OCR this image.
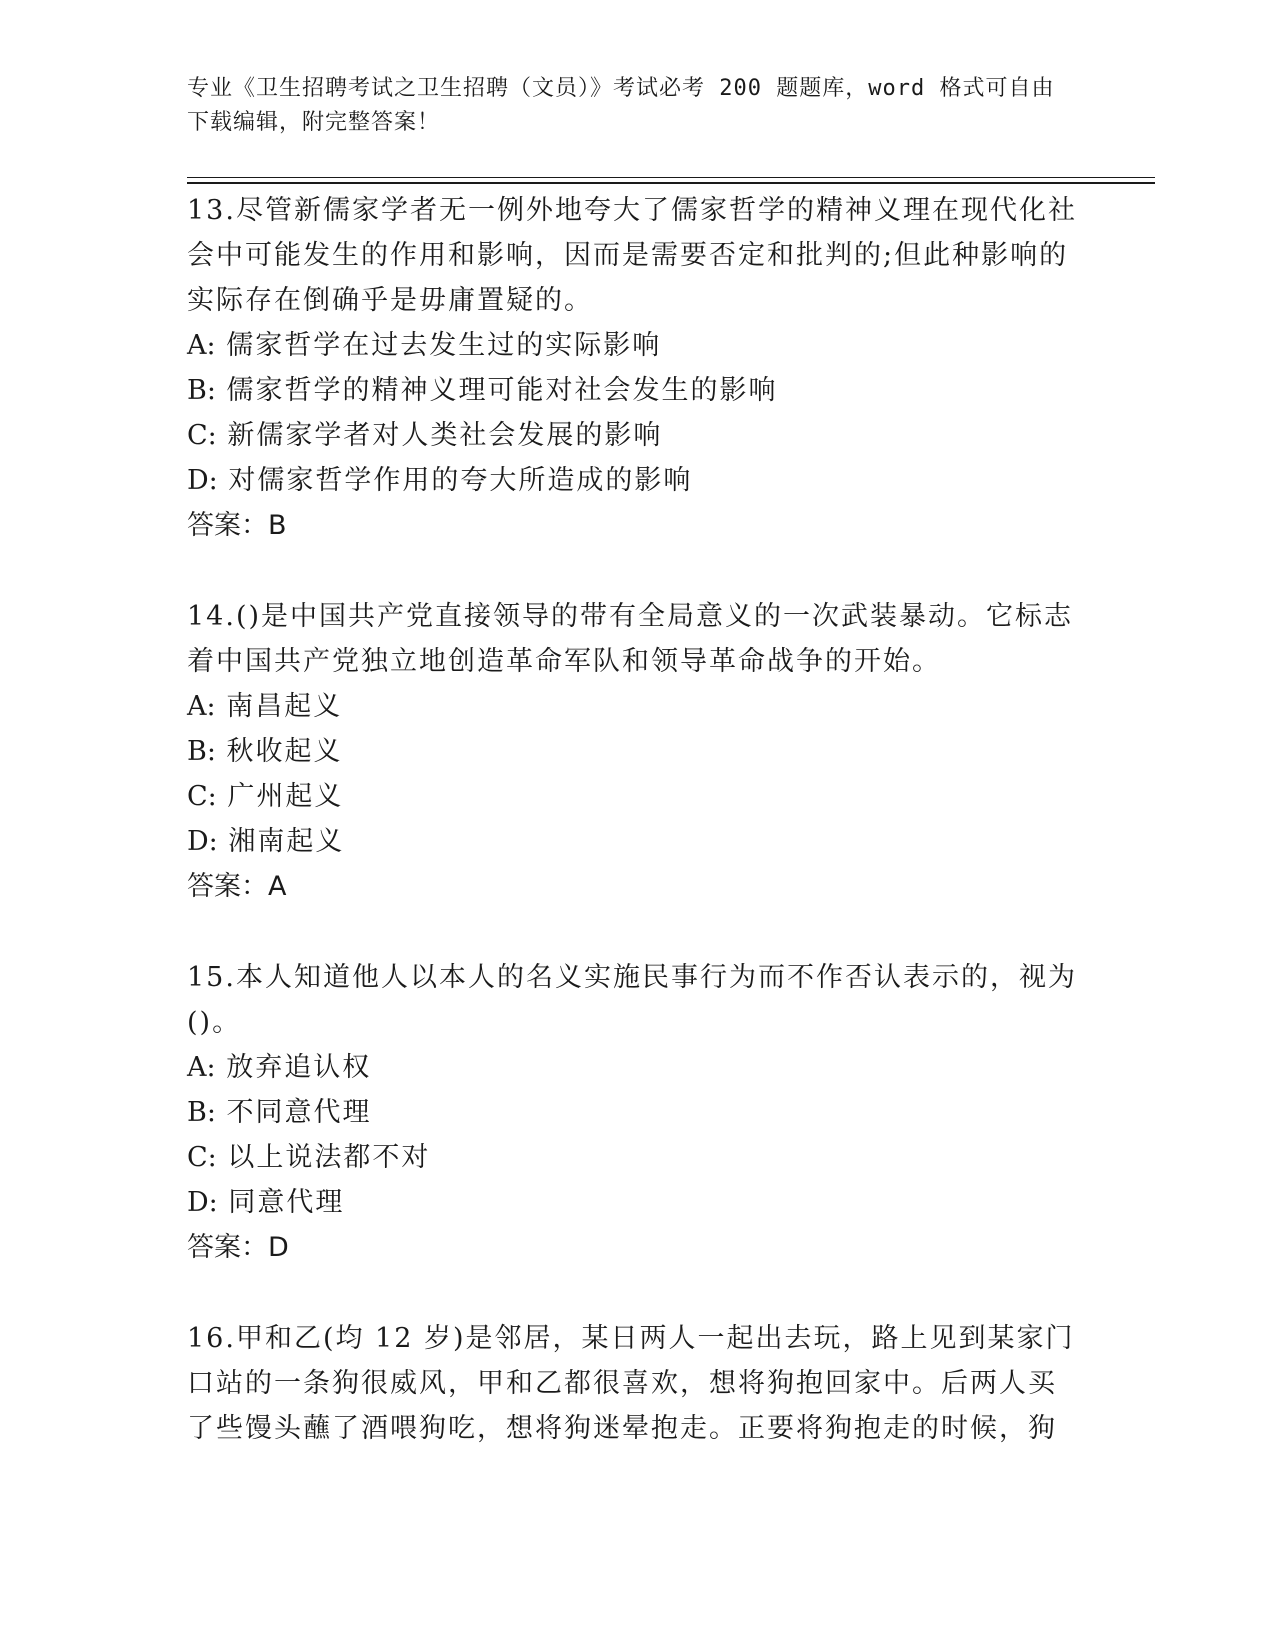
专业《卫生招聘考试之卫生招聘（文员）》考试必考 200 题题库，word 格式可自由下载编辑，附完整答案！

13.尽管新儒家学者无一例外地夸大了儒家哲学的精神义理在现代化社会中可能发生的作用和影响，因而是需要否定和批判的;但此种影响的实际存在倒确乎是毋庸置疑的。

A: 儒家哲学在过去发生过的实际影响

B: 儒家哲学的精神义理可能对社会发生的影响

C: 新儒家学者对人类社会发展的影响

D: 对儒家哲学作用的夸大所造成的影响

答案：B

14.()是中国共产党直接领导的带有全局意义的一次武装暴动。它标志着中国共产党独立地创造革命军队和领导革命战争的开始。

A: 南昌起义

B: 秋收起义

C: 广州起义

D: 湘南起义

答案：A

15.本人知道他人以本人的名义实施民事行为而不作否认表示的，视为()。

A: 放弃追认权

B: 不同意代理

C: 以上说法都不对

D: 同意代理

答案：D

16.甲和乙(均 12 岁)是邻居，某日两人一起出去玩，路上见到某家门口站的一条狗很威风，甲和乙都很喜欢，想将狗抱回家中。后两人买了些馒头蘸了酒喂狗吃，想将狗迷晕抱走。正要将狗抱走的时候，狗
